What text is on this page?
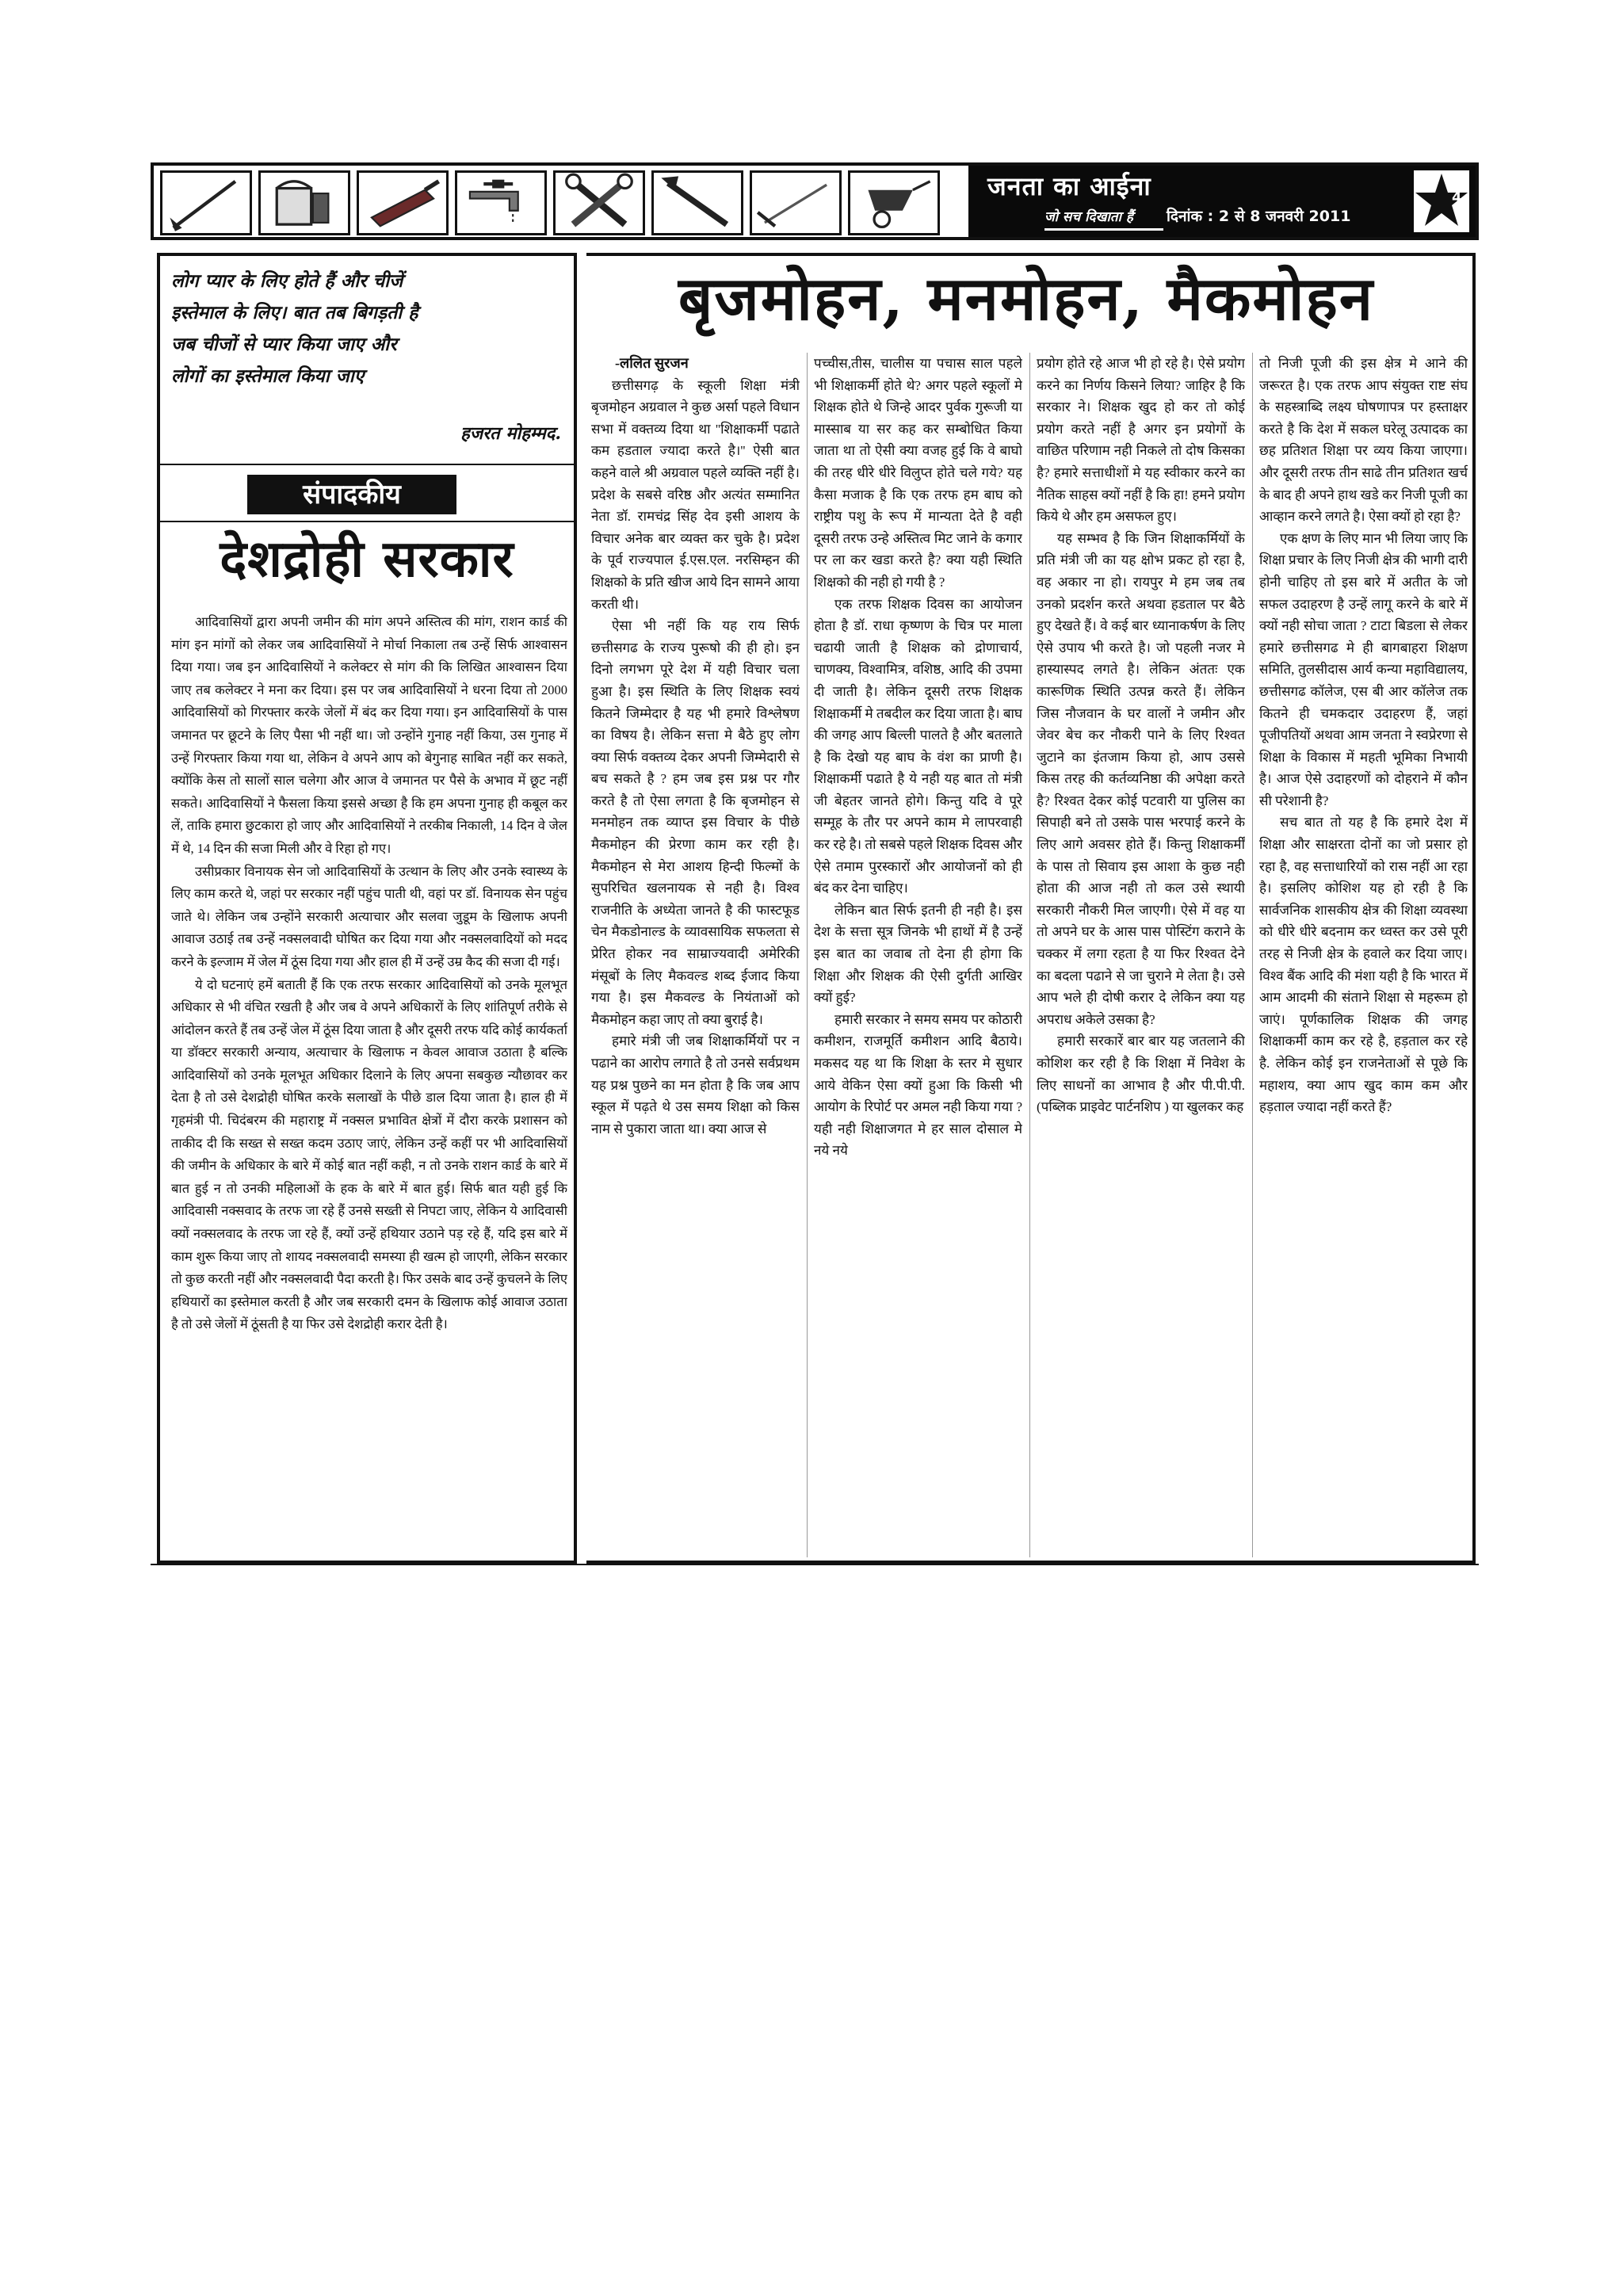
जनता का आईना
जो सच दिखाता हैं दिनांक : 2 से 8 जनवरी 2011
4
लोग प्यार के लिए होते हैं और चीजें
इस्तेमाल के लिए। बात तब बिगड़ती है
जब चीजों से प्यार किया जाए और
लोगों का इस्तेमाल किया जाए
हजरत मोहम्मद.
संपादकीय
देशद्रोही सरकार

आदिवासियों द्वारा अपनी जमीन की मांग अपने अस्तित्व की मांग, राशन कार्ड की मांग इन मांगों को लेकर जब आदिवासियों ने मोर्चा निकाला तब उन्हें सिर्फ आश्वासन दिया गया। जब इन आदिवासियों ने कलेक्टर से मांग की कि लिखित आश्वासन दिया जाए तब कलेक्टर ने मना कर दिया। इस पर जब आदिवासियों ने धरना दिया तो 2000 आदिवासियों को गिरफ्तार करके जेलों में बंद कर दिया गया। इन आदिवासियों के पास जमानत पर छूटने के लिए पैसा भी नहीं था। जो उन्होंने गुनाह नहीं किया, उस गुनाह में उन्हें गिरफ्तार किया गया था, लेकिन वे अपने आप को बेगुनाह साबित नहीं कर सकते, क्योंकि केस तो सालों साल चलेगा और आज वे जमानत पर पैसे के अभाव में छूट नहीं सकते। आदिवासियों ने फैसला किया इससे अच्छा है कि हम अपना गुनाह ही कबूल कर लें, ताकि हमारा छुटकारा हो जाए और आदिवासियों ने तरकीब निकाली, 14 दिन वे जेल में थे, 14 दिन की सजा मिली और वे रिहा हो गए।

उसीप्रकार विनायक सेन जो आदिवासियों के उत्थान के लिए और उनके स्वास्थ्य के लिए काम करते थे, जहां पर सरकार नहीं पहुंच पाती थी, वहां पर डॉ. विनायक सेन पहुंच जाते थे। लेकिन जब उन्होंने सरकारी अत्याचार और सलवा जुडूम के खिलाफ अपनी आवाज उठाई तब उन्हें नक्सलवादी घोषित कर दिया गया और नक्सलवादियों को मदद करने के इल्जाम में जेल में ठूंस दिया गया और हाल ही में उन्हें उम्र कैद की सजा दी गई।

ये दो घटनाएं हमें बताती हैं कि एक तरफ सरकार आदिवासियों को उनके मूलभूत अधिकार से भी वंचित रखती है और जब वे अपने अधिकारों के लिए शांतिपूर्ण तरीके से आंदोलन करते हैं तब उन्हें जेल में ठूंस दिया जाता है और दूसरी तरफ यदि कोई कार्यकर्ता या डॉक्टर सरकारी अन्याय, अत्याचार के खिलाफ न केवल आवाज उठाता है बल्कि आदिवासियों को उनके मूलभूत अधिकार दिलाने के लिए अपना सबकुछ न्यौछावर कर देता है तो उसे देशद्रोही घोषित करके सलाखों के पीछे डाल दिया जाता है। हाल ही में गृहमंत्री पी. चिदंबरम की महाराष्ट्र में नक्सल प्रभावित क्षेत्रों में दौरा करके प्रशासन को ताकीद दी कि सख्त से सख्त कदम उठाए जाएं, लेकिन उन्हें कहीं पर भी आदिवासियों की जमीन के अधिकार के बारे में कोई बात नहीं कही, न तो उनके राशन कार्ड के बारे में बात हुई न तो उनकी महिलाओं के हक के बारे में बात हुई। सिर्फ बात यही हुई कि आदिवासी नक्सवाद के तरफ जा रहे हैं उनसे सख्ती से निपटा जाए, लेकिन ये आदिवासी क्यों नक्सलवाद के तरफ जा रहे हैं, क्यों उन्हें हथियार उठाने पड़ रहे हैं, यदि इस बारे में काम शुरू किया जाए तो शायद नक्सलवादी समस्या ही खत्म हो जाएगी, लेकिन सरकार तो कुछ करती नहीं और नक्सलवादी पैदा करती है। फिर उसके बाद उन्हें कुचलने के लिए हथियारों का इस्तेमाल करती है और जब सरकारी दमन के खिलाफ कोई आवाज उठाता है तो उसे जेलों में ठूंसती है या फिर उसे देशद्रोही करार देती है।

बृजमोहन, मनमोहन, मैकमोहन

-ललित सुरजन

छत्तीसगढ़ के स्कूली शिक्षा मंत्री बृजमोहन अग्रवाल ने कुछ अर्सा पहले विधान सभा में वक्तव्य दिया था ''शिक्षाकर्मी पढाते कम हडताल ज्यादा करते है।'' ऐसी बात कहने वाले श्री अग्रवाल पहले व्यक्ति नहीं है। प्रदेश के सबसे वरिष्ठ और अत्यंत सम्मानित नेता डॉ. रामचंद्र सिंह देव इसी आशय के विचार अनेक बार व्यक्त कर चुके है। प्रदेश के पूर्व राज्यपाल ई.एस.एल. नरसिम्हन की शिक्षको के प्रति खीज आये दिन सामने आया करती थी।

ऐसा भी नहीं कि यह राय सिर्फ छत्तीसगढ के राज्य पुरूषो की ही हो। इन दिनो लगभग पूरे देश में यही विचार चला हुआ है। इस स्थिति के लिए शिक्षक स्वयं कितने जिम्मेदार है यह भी हमारे विश्लेषण का विषय है। लेकिन सत्ता मे बैठे हुए लोग क्या सिर्फ वक्तव्य देकर अपनी जिम्मेदारी से बच सकते है ? हम जब इस प्रश्न पर गौर करते है तो ऐसा लगता है कि बृजमोहन से मनमोहन तक व्याप्त इस विचार के पीछे मैकमोहन की प्रेरणा काम कर रही है। मैकमोहन से मेरा आशय हिन्दी फिल्मों के सुपरिचित खलनायक से नही है। विश्व राजनीति के अध्येता जानते है की फास्टफूड चेन मैकडोनाल्ड के व्यावसायिक सफलता से प्रेरित होकर नव साम्राज्यवादी अमेरिकी मंसूबों के लिए मैकवल्ड शब्द ईजाद किया गया है। इस मैकवल्ड के नियंताओं को मैकमोहन कहा जाए तो क्या बुराई है।

हमारे मंत्री जी जब शिक्षाकर्मियों पर न पढाने का आरोप लगाते है तो उनसे सर्वप्रथम यह प्रश्न पुछने का मन होता है कि जब आप स्कूल में पढ़ते थे उस समय शिक्षा को किस नाम से पुकारा जाता था। क्या आज से

पच्चीस,तीस, चालीस या पचास साल पहले भी शिक्षाकर्मी होते थे? अगर पहले स्कूलों मे शिक्षक होते थे जिन्हे आदर पुर्वक गुरूजी या मास्साब या सर कह कर सम्बोधित किया जाता था तो ऐसी क्या वजह हुई कि वे बाघो की तरह धीरे धीरे विलुप्त होते चले गये? यह कैसा मजाक है कि एक तरफ हम बाघ को राष्ट्रीय पशु के रूप में मान्यता देते है वही दूसरी तरफ उन्हे अस्तित्व मिट जाने के कगार पर ला कर खडा करते है? क्या यही स्थिति शिक्षको की नही हो गयी है ?

एक तरफ शिक्षक दिवस का आयोजन होता है डॉ. राधा कृष्णण के चित्र पर माला चढायी जाती है शिक्षक को द्रोणाचार्य, चाणक्य, विश्वामित्र, वशिष्ठ, आदि की उपमा दी जाती है। लेकिन दूसरी तरफ शिक्षक शिक्षाकर्मी मे तबदील कर दिया जाता है। बाघ की जगह आप बिल्ली पालते है और बतलाते है कि देखो यह बाघ के वंश का प्राणी है। शिक्षाकर्मी पढाते है ये नही यह बात तो मंत्री जी बेहतर जानते होगे। किन्तु यदि वे पूरे सम्मूह के तौर पर अपने काम मे लापरवाही कर रहे है। तो सबसे पहले शिक्षक दिवस और ऐसे तमाम पुरस्कारों और आयोजनों को ही बंद कर देना चाहिए।

लेकिन बात सिर्फ इतनी ही नही है। इस देश के सत्ता सूत्र जिनके भी हाथों में है उन्हें इस बात का जवाब तो देना ही होगा कि शिक्षा और शिक्षक की ऐसी दुर्गती आखिर क्यों हुई?

हमारी सरकार ने समय समय पर कोठारी कमीशन, राजमूर्ति कमीशन आदि बैठाये। मकसद यह था कि शिक्षा के स्तर मे सुधार आये वेकिन ऐसा क्यों हुआ कि किसी भी आयोग के रिपोर्ट पर अमल नही किया गया ? यही नही शिक्षाजगत मे हर साल दोसाल मे नये नये

प्रयोग होते रहे आज भी हो रहे है। ऐसे प्रयोग करने का निर्णय किसने लिया? जाहिर है कि सरकार ने। शिक्षक खुद हो कर तो कोई प्रयोग करते नहीं है अगर इन प्रयोगों के वाछित परिणाम नही निकले तो दोष किसका है? हमारे सत्ताधीशों मे यह स्वीकार करने का नैतिक साहस क्यों नहीं है कि हा! हमने प्रयोग किये थे और हम असफल हुए।

यह सम्भव है कि जिन शिक्षाकर्मियों के प्रति मंत्री जी का यह क्षोभ प्रकट हो रहा है, वह अकार ना हो। रायपुर मे हम जब तब उनको प्रदर्शन करते अथवा हडताल पर बैठे हुए देखते हैं। वे कई बार ध्यानाकर्षण के लिए ऐसे उपाय भी करते है। जो पहली नजर मे हास्यास्पद लगते है। लेकिन अंततः एक कारूणिक स्थिति उत्पन्न करते हैं। लेकिन जिस नौजवान के घर वालों ने जमीन और जेवर बेच कर नौकरी पाने के लिए रिश्वत जुटाने का इंतजाम किया हो, आप उससे किस तरह की कर्तव्यनिष्ठा की अपेक्षा करते है? रिश्वत देकर कोई पटवारी या पुलिस का सिपाही बने तो उसके पास भरपाई करने के लिए आगे अवसर होते हैं। किन्तु शिक्षाकर्मीं के पास तो सिवाय इस आशा के कुछ नही होता की आज नही तो कल उसे स्थायी सरकारी नौकरी मिल जाएगी। ऐसे में वह या तो अपने घर के आस पास पोस्टिंग कराने के चक्कर में लगा रहता है या फिर रिश्वत देने का बदला पढाने से जा चुराने मे लेता है। उसे आप भले ही दोषी करार दे लेकिन क्या यह अपराध अकेले उसका है?

हमारी सरकारें बार बार यह जतलाने की कोशिश कर रही है कि शिक्षा में निवेश के लिए साधनों का आभाव है और पी.पी.पी. (पब्लिक प्राइवेट पार्टनशिप ) या खुलकर कह

तो निजी पूजी की इस क्षेत्र मे आने की जरूरत है। एक तरफ आप संयुक्त राष्ट संघ के सहस्त्राब्दि लक्ष्य घोषणापत्र पर हस्ताक्षर करते है कि देश में सकल घरेलू उत्पादक का छह प्रतिशत शिक्षा पर व्यय किया जाएगा। और दूसरी तरफ तीन साढे तीन प्रतिशत खर्च के बाद ही अपने हाथ खडे कर निजी पूजी का आव्हान करने लगते है। ऐसा क्यों हो रहा है?

एक क्षण के लिए मान भी लिया जाए कि शिक्षा प्रचार के लिए निजी क्षेत्र की भागी दारी होनी चाहिए तो इस बारे में अतीत के जो सफल उदाहरण है उन्हें लागू करने के बारे में क्यों नही सोचा जाता ? टाटा बिडला से लेकर हमारे छत्तीसगढ मे ही बागबाहरा शिक्षण समिति, तुलसीदास आर्य कन्या महाविद्यालय, छत्तीसगढ कॉलेज, एस बी आर कॉलेज तक कितने ही चमकदार उदाहरण हैं, जहां पूजीपतियों अथवा आम जनता ने स्वप्रेरणा से शिक्षा के विकास में महती भूमिका निभायी है। आज ऐसे उदाहरणों को दोहराने में कौन सी परेशानी है?

सच बात तो यह है कि हमारे देश में शिक्षा और साक्षरता दोनों का जो प्रसार हो रहा है, वह सत्ताधारियों को रास नहीं आ रहा है। इसलिए कोशिश यह हो रही है कि सार्वजनिक शासकीय क्षेत्र की शिक्षा व्यवस्था को धीरे धीरे बदनाम कर ध्वस्त कर उसे पूरी तरह से निजी क्षेत्र के हवाले कर दिया जाए। विश्व बैंक आदि की मंशा यही है कि भारत में आम आदमी की संताने शिक्षा से महरूम हो जाएं। पूर्णकालिक शिक्षक की जगह शिक्षाकर्मी काम कर रहे है, हड़ताल कर रहे है. लेकिन कोई इन राजनेताओं से पूछे कि महाशय, क्या आप खुद काम कम और हड़ताल ज्यादा नहीं करते हैं?
